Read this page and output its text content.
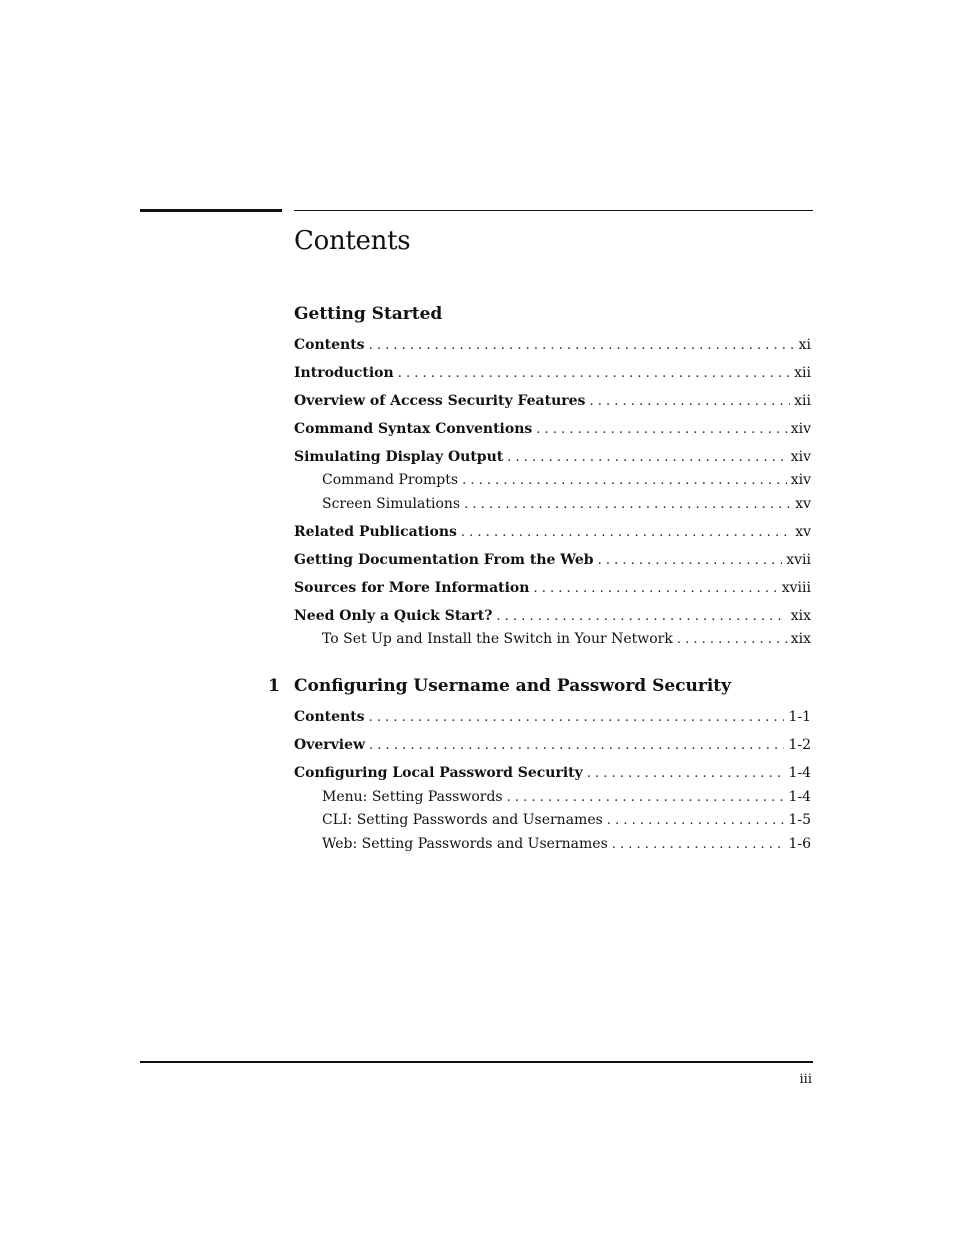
Contents
Getting Started
Contents . . .	xi
Introduction . . .	xii
Overview of Access Security Features . . .	xii
Command Syntax Conventions . . .	xiv
Simulating Display Output . . .	xiv
Command Prompts . . .	xiv
Screen Simulations . . .	xv
Related Publications . . .	xv
Getting Documentation From the Web . . .	xvii
Sources for More Information . . .	xviii
Need Only a Quick Start? . . .	xix
To Set Up and Install the Switch in Your Network . . .	xix
1 Configuring Username and Password Security
Contents . . .	1-1
Overview . . .	1-2
Configuring Local Password Security . . .	1-4
Menu: Setting Passwords . . .	1-4
CLI: Setting Passwords and Usernames . . .	1-5
Web: Setting Passwords and Usernames . . .	1-6
iii
